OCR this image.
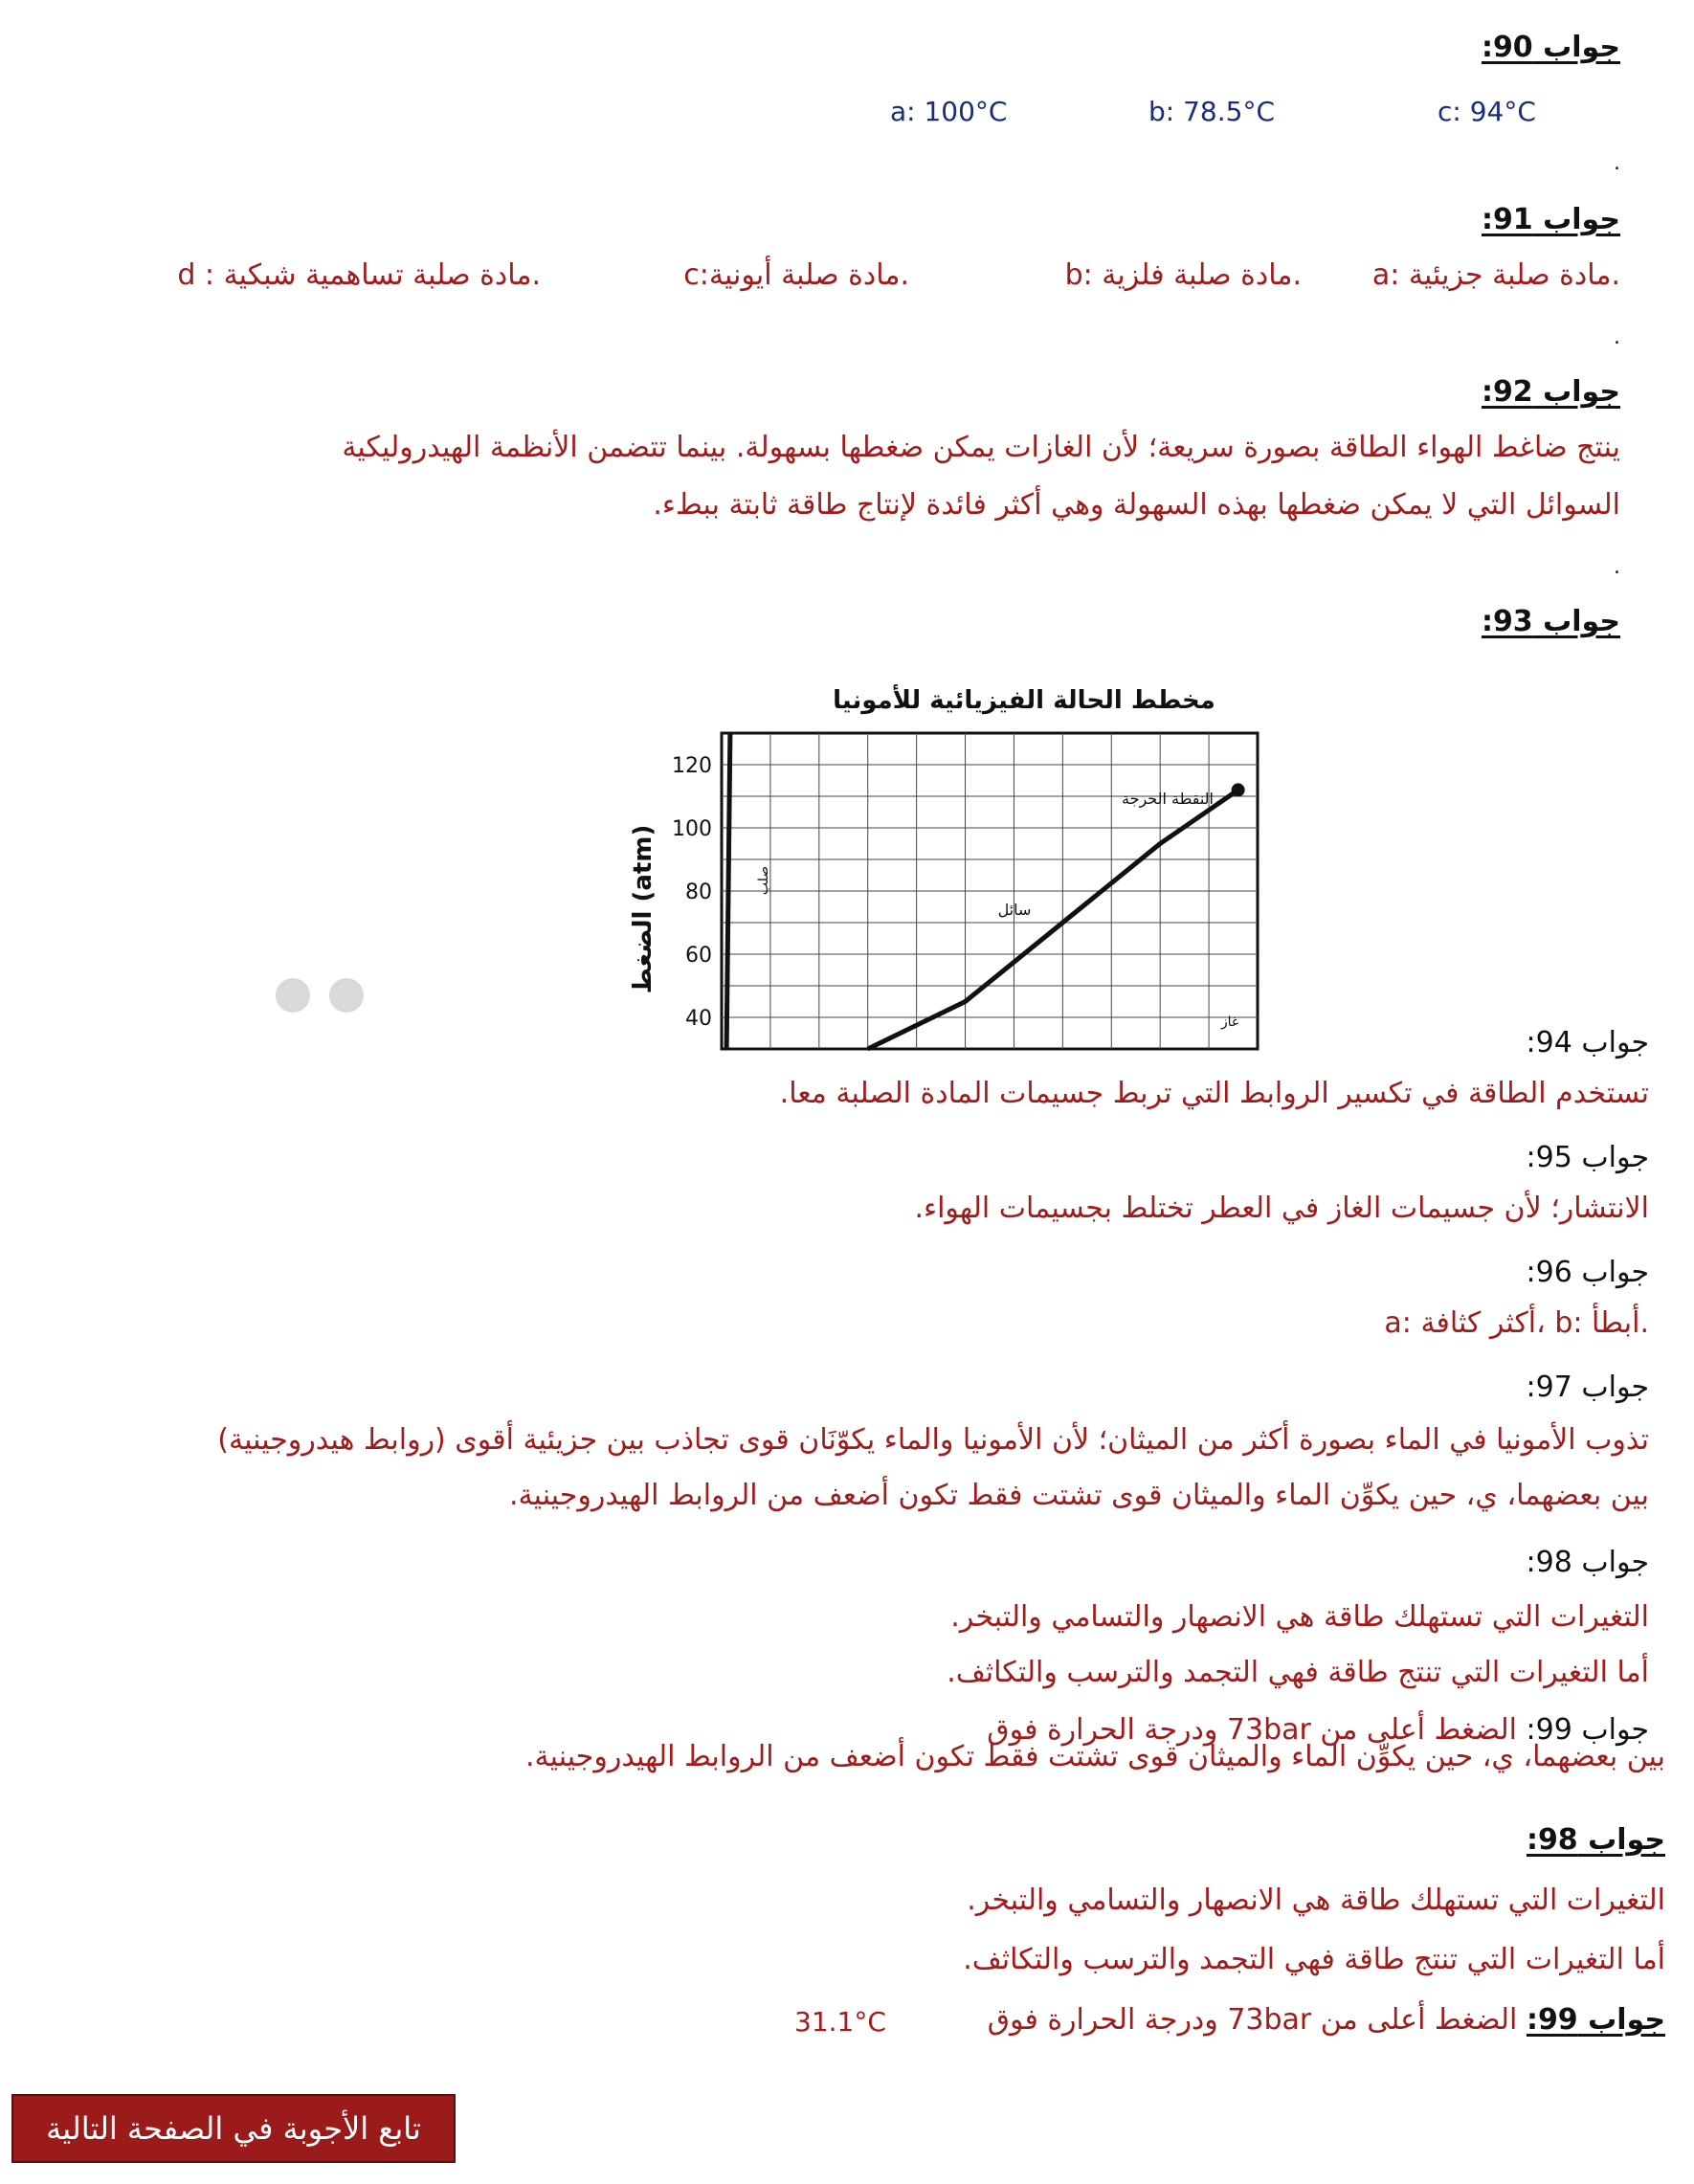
جواب 90:
a: 100°C	b: 78.5°C	c: 94°C
.
جواب 91:
a: مادة صلبة جزيئية.
b: مادة صلبة فلزية.
c:مادة صلبة أيونية.
d : مادة صلبة تساهمية شبكية.
.
جواب 92:
ينتج ضاغط الهواء الطاقة بصورة سريعة؛ لأن الغازات يمكن ضغطها بسهولة. بينما تتضمن الأنظمة الهيدروليكية
السوائل التي لا يمكن ضغطها بهذه السهولة وهي أكثر فائدة لإنتاج طاقة ثابتة ببطء.
.
جواب 93:
مخطط الحالة الفيزيائية للأمونيا
120
100
80
60
40
الضغط (atm)	سائل
صلب
النقطة الحرجة
غاز
جواب 94:
تستخدم الطاقة في تكسير الروابط التي تربط جسيمات المادة الصلبة معا.
جواب 95:
الانتشار؛ لأن جسيمات الغاز في العطر تختلط بجسيمات الهواء.
جواب 96:
a: أكثر كثافة، b: أبطأ.
جواب 97:
تذوب الأمونيا في الماء بصورة أكثر من الميثان؛ لأن الأمونيا والماء يكوّنَان قوى تجاذب بين جزيئية أقوى (روابط هيدروجينية)
بين بعضهما، ي، حين يكوِّن الماء والميثان قوى تشتت فقط تكون أضعف من الروابط الهيدروجينية.
جواب 98:
التغيرات التي تستهلك طاقة هي الانصهار والتسامي والتبخر.
أما التغيرات التي تنتج طاقة فهي التجمد والترسب والتكاثف.
جواب 99: الضغط أعلى من 73bar ودرجة الحرارة فوق
بين بعضهما، ي، حين يكوِّن الماء والميثان قوى تشتت فقط تكون أضعف من الروابط الهيدروجينية.
جواب 98:
التغيرات التي تستهلك طاقة هي الانصهار والتسامي والتبخر.
أما التغيرات التي تنتج طاقة فهي التجمد والترسب والتكاثف.
جواب 99: الضغط أعلى من 73bar ودرجة الحرارة فوق
31.1°C
تابع الأجوبة في الصفحة التالية
